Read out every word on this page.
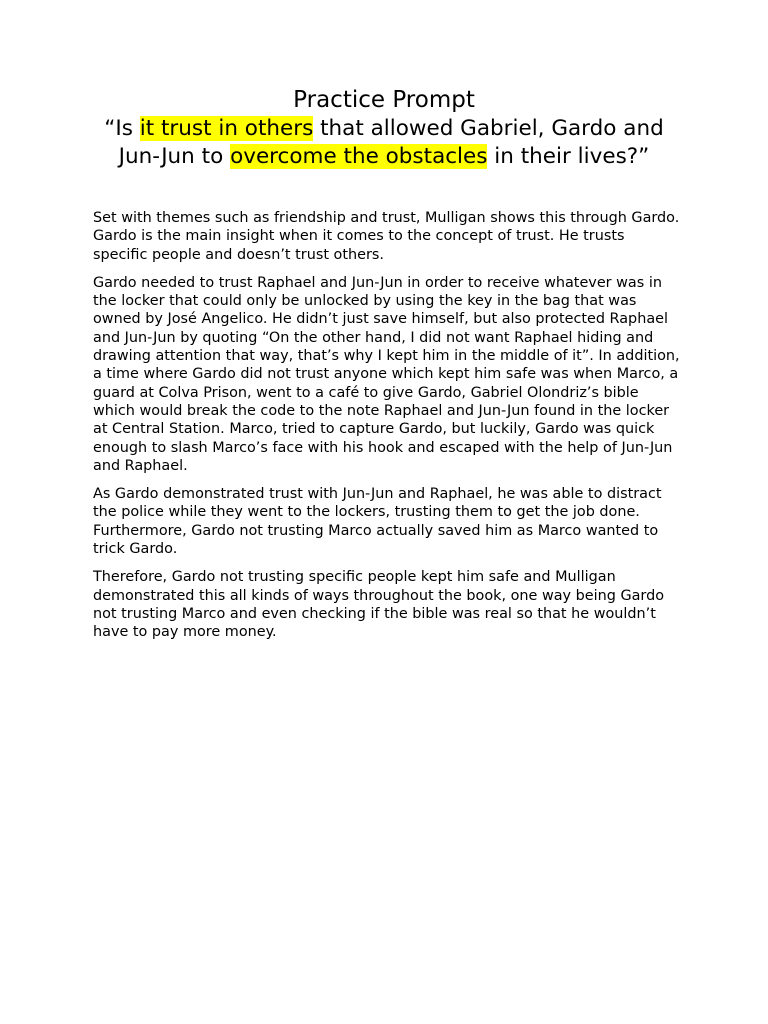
Practice Prompt
“Is it trust in others that allowed Gabriel, Gardo and Jun-Jun to overcome the obstacles in their lives?”

Set with themes such as friendship and trust, Mulligan shows this through Gardo. Gardo is the main insight when it comes to the concept of trust. He trusts specific people and doesn’t trust others.

Gardo needed to trust Raphael and Jun-Jun in order to receive whatever was in the locker that could only be unlocked by using the key in the bag that was owned by José Angelico. He didn’t just save himself, but also protected Raphael and Jun-Jun by quoting “On the other hand, I did not want Raphael hiding and drawing attention that way, that’s why I kept him in the middle of it”. In addition, a time where Gardo did not trust anyone which kept him safe was when Marco, a guard at Colva Prison, went to a café to give Gardo, Gabriel Olondriz’s bible which would break the code to the note Raphael and Jun-Jun found in the locker at Central Station. Marco, tried to capture Gardo, but luckily, Gardo was quick enough to slash Marco’s face with his hook and escaped with the help of Jun-Jun and Raphael.

As Gardo demonstrated trust with Jun-Jun and Raphael, he was able to distract the police while they went to the lockers, trusting them to get the job done. Furthermore, Gardo not trusting Marco actually saved him as Marco wanted to trick Gardo.

Therefore, Gardo not trusting specific people kept him safe and Mulligan demonstrated this all kinds of ways throughout the book, one way being Gardo not trusting Marco and even checking if the bible was real so that he wouldn’t have to pay more money.
